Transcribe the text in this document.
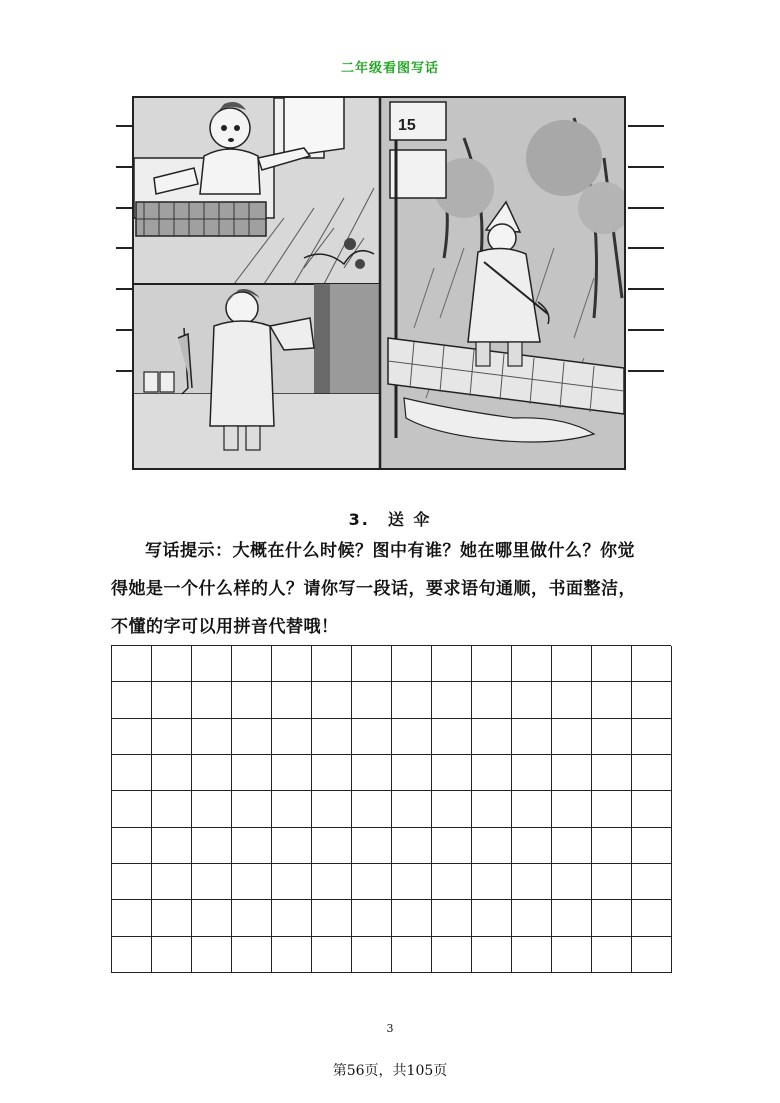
二年级看图写话
15
3. 送 伞
写话提示：大概在什么时候？图中有谁？她在哪里做什么？你觉
得她是一个什么样的人？请你写一段话，要求语句通顺，书面整洁，
不懂的字可以用拼音代替哦！
3
第56页，共105页
